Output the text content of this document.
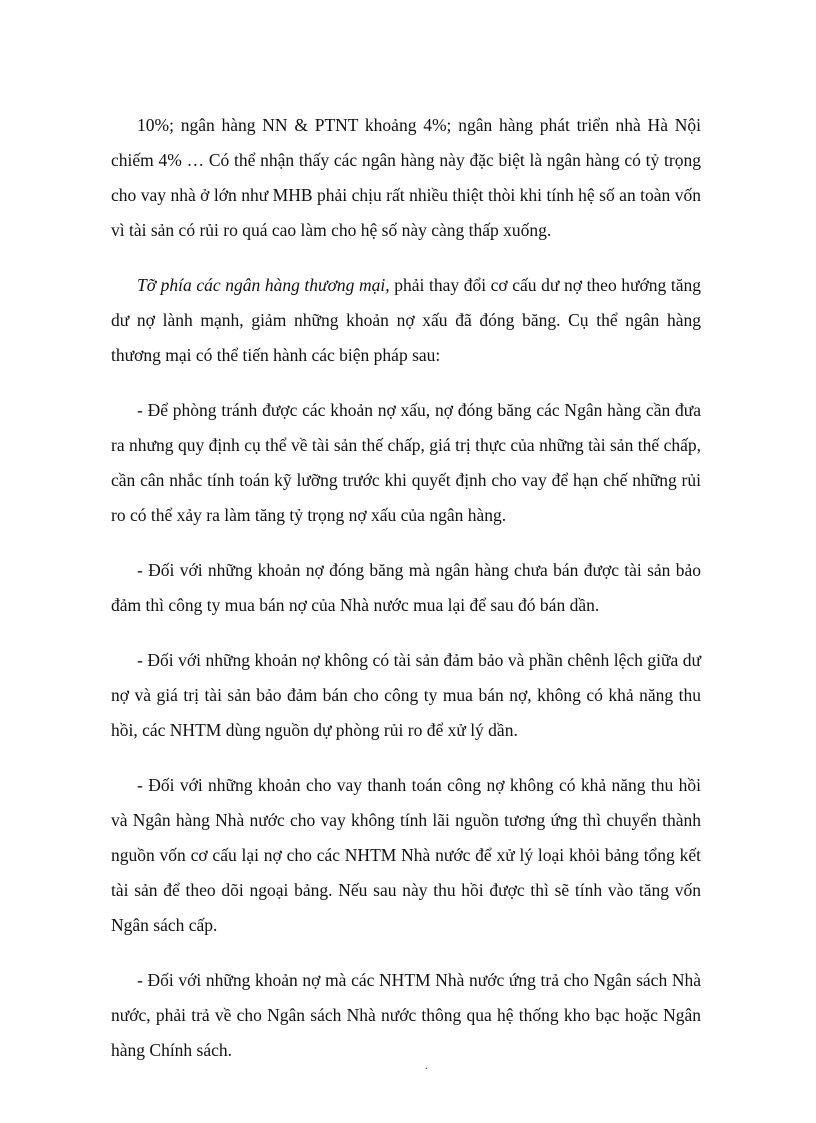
10%; ngân hàng NN & PTNT khoảng 4%; ngân hàng phát triển nhà Hà Nội chiếm 4% … Có thể nhận thấy các ngân hàng này đặc biệt là ngân hàng có tỷ trọng cho vay nhà ở lớn như MHB phải chịu rất nhiều thiệt thòi khi tính hệ số an toàn vốn vì tài sản có rủi ro quá cao làm cho hệ số này càng thấp xuống.

Tỡ phía các ngân hàng thương mại, phải thay đổi cơ cấu dư nợ theo hướng tăng dư nợ lành mạnh, giảm những khoản nợ xấu đã đóng băng. Cụ thể ngân hàng thương mại có thể tiến hành các biện pháp sau:

- Để phòng tránh được các khoản nợ xấu, nợ đóng băng các Ngân hàng cần đưa ra nhưng quy định cụ thể về tài sản thế chấp, giá trị thực của những tài sản thế chấp, cần cân nhắc tính toán kỹ lưỡng trước khi quyết định cho vay để hạn chế những rủi ro có thể xảy ra làm tăng tỷ trọng nợ xấu của ngân hàng.

- Đối với những khoản nợ đóng băng mà ngân hàng chưa bán được tài sản bảo đảm thì công ty mua bán nợ của Nhà nước mua lại để sau đó bán dần.

- Đối với những khoản nợ không có tài sản đảm bảo và phần chênh lệch giữa dư nợ và giá trị tài sản bảo đảm bán cho công ty mua bán nợ, không có khả năng thu hồi, các NHTM dùng nguồn dự phòng rủi ro để xử lý dần.

- Đối với những khoản cho vay thanh toán công nợ không có khả năng thu hồi và Ngân hàng Nhà nước cho vay không tính lãi nguồn tương ứng thì chuyển thành nguồn vốn cơ cấu lại nợ cho các NHTM Nhà nước để xử lý loại khỏi bảng tổng kết tài sản để theo dõi ngoại bảng. Nếu sau này thu hồi được thì sẽ tính vào tăng vốn Ngân sách cấp.

- Đối với những khoản nợ mà các NHTM Nhà nước ứng trả cho Ngân sách Nhà nước, phải trả về cho Ngân sách Nhà nước thông qua hệ thống kho bạc hoặc Ngân hàng Chính sách.

.
